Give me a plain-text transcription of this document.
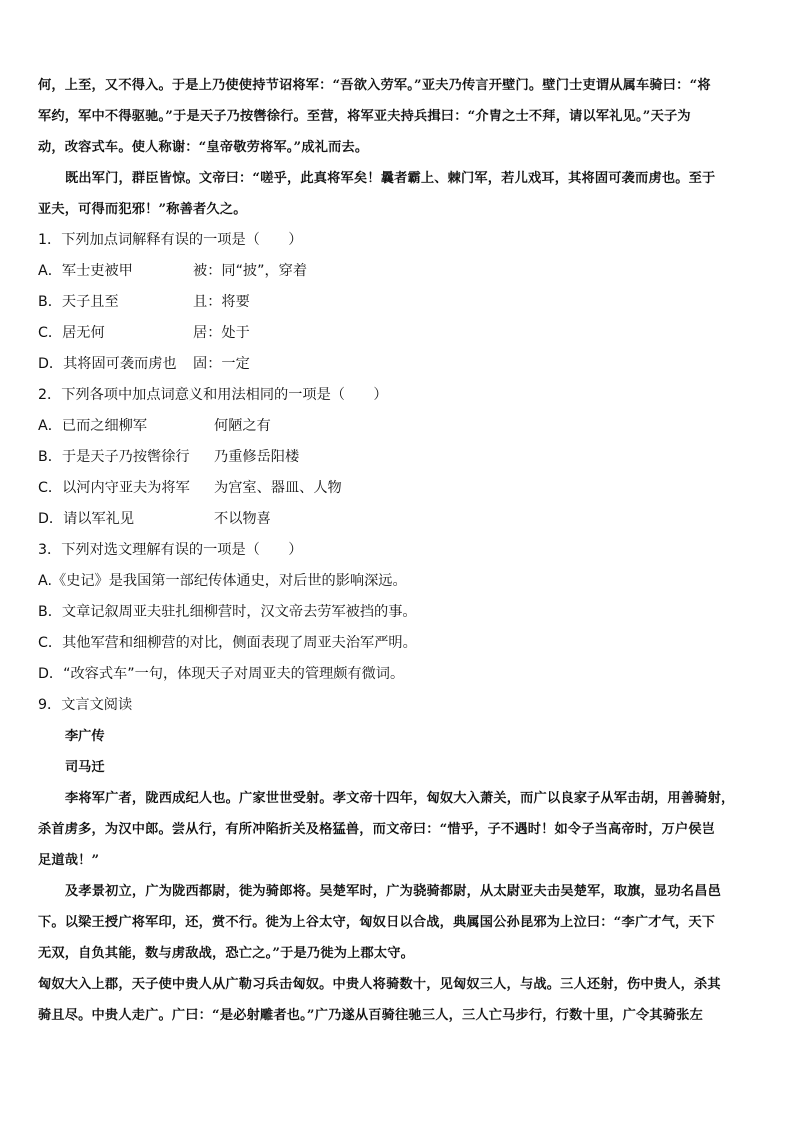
何，上至，又不得入。于是上乃使使持节诏将军：“吾欲入劳军。”亚夫乃传言开壁门。壁门士吏谓从属车骑曰：“将
军约，军中不得驱驰。”于是天子乃按辔徐行。至营，将军亚夫持兵揖曰：“介胄之士不拜，请以军礼见。”天子为
动，改容式车。使人称谢：“皇帝敬劳将军。”成礼而去。
既出军门，群臣皆惊。文帝曰：“嗟乎，此真将军矣！曩者霸上、棘门军，若儿戏耳，其将固可袭而虏也。至于
亚夫，可得而犯邪！”称善者久之。
1．下列加点词解释有误的一项是（　　）
A．军士吏被甲	被：同“披”，穿着
B．天子且至	且：将要
C．居无何	居：处于
D．其将固可袭而虏也	固：一定
2．下列各项中加点词意义和用法相同的一项是（　　）
A．已而之细柳军	何陋之有
B．于是天子乃按辔徐行	乃重修岳阳楼
C．以河内守亚夫为将军	为宫室、器皿、人物
D．请以军礼见	不以物喜
3．下列对选文理解有误的一项是（　　）
A.《史记》是我国第一部纪传体通史，对后世的影响深远。
B．文章记叙周亚夫驻扎细柳营时，汉文帝去劳军被挡的事。
C．其他军营和细柳营的对比，侧面表现了周亚夫治军严明。
D．“改容式车”一句，体现天子对周亚夫的管理颇有微词。
9．文言文阅读
李广传
司马迁
李将军广者，陇西成纪人也。广家世世受射。孝文帝十四年，匈奴大入萧关，而广以良家子从军击胡，用善骑射，
杀首虏多，为汉中郎。尝从行，有所冲陷折关及格猛兽，而文帝曰：“惜乎，子不遇时！如令子当高帝时，万户侯岂
足道哉！”
及孝景初立，广为陇西都尉，徙为骑郎将。吴楚军时，广为骁骑都尉，从太尉亚夫击吴楚军，取旗，显功名昌邑
下。以梁王授广将军印，还，赏不行。徙为上谷太守，匈奴日以合战，典属国公孙昆邪为上泣曰：“李广才气，天下
无双，自负其能，数与虏敌战，恐亡之。”于是乃徙为上郡太守。
匈奴大入上郡，天子使中贵人从广勒习兵击匈奴。中贵人将骑数十，见匈奴三人，与战。三人还射，伤中贵人，杀其
骑且尽。中贵人走广。广曰：“是必射雕者也。”广乃遂从百骑往驰三人，三人亡马步行，行数十里，广令其骑张左
